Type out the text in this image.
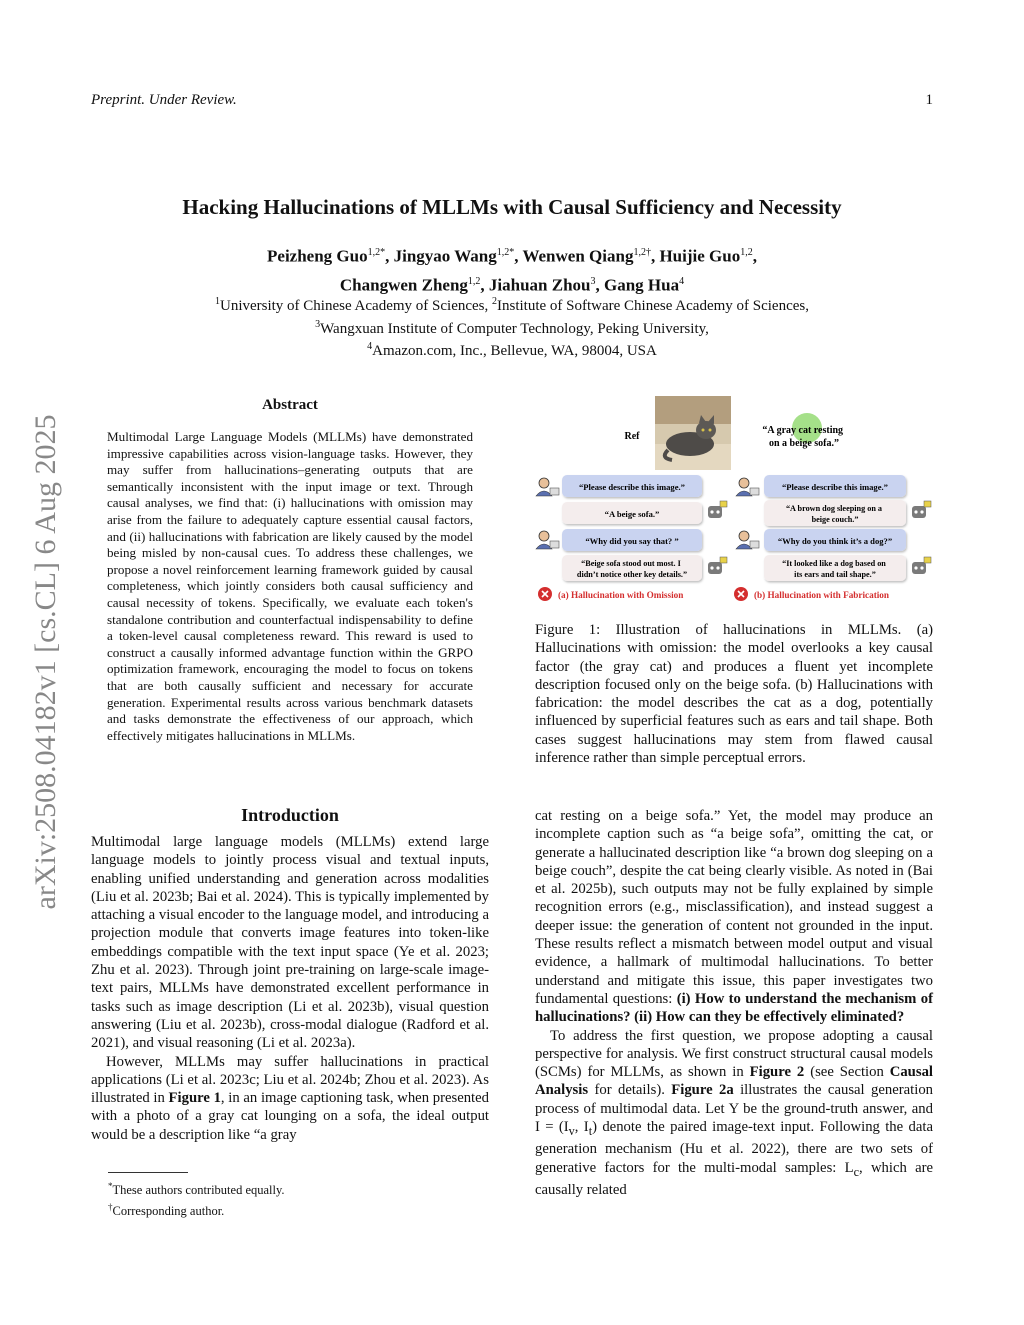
Preprint. Under Review.	1
arXiv:2508.04182v1 [cs.CL] 6 Aug 2025
Hacking Hallucinations of MLLMs with Causal Sufficiency and Necessity
Peizheng Guo$^{1,2*}$, Jingyao Wang$^{1,2*}$, Wenwen Qiang$^{1,2\dagger}$, Huijie Guo$^{1,2}$,
Changwen Zheng$^{1,2}$, Jiahuan Zhou$^3$, Gang Hua$^4$
$^1$University of Chinese Academy of Sciences, $^2$Institute of Software Chinese Academy of Sciences,
$^3$Wangxuan Institute of Computer Technology, Peking University,
$^4$Amazon.com, Inc., Bellevue, WA, 98004, USA
Abstract

Multimodal Large Language Models (MLLMs) have demonstrated impressive capabilities across vision-language tasks. However, they may suffer from hallucinations–generating outputs that are semantically inconsistent with the input image or text. Through causal analyses, we find that: (i) hallucinations with omission may arise from the failure to adequately capture essential causal factors, and (ii) hallucinations with fabrication are likely caused by the model being misled by non-causal cues. To address these challenges, we propose a novel reinforcement learning framework guided by causal completeness, which jointly considers both causal sufficiency and causal necessity of tokens. Specifically, we evaluate each token's standalone contribution and counterfactual indispensability to define a token-level causal completeness reward. This reward is used to construct a causally informed advantage function within the GRPO optimization framework, encouraging the model to focus on tokens that are both causally sufficient and necessary for accurate generation. Experimental results across various benchmark datasets and tasks demonstrate the effectiveness of our approach, which effectively mitigates hallucinations in MLLMs.

Ref
“A gray cat resting on a beige sofa.”
“Please describe this image.”
“A beige sofa.”
“Why did you say that? ”
“Beige sofa stood out most. I didn’t notice other key details.”
(a) Hallucination with Omission
“Please describe this image.”
“A brown dog sleeping on a beige couch.”
“Why do you think it’s a dog?”
“It looked like a dog based on its ears and tail shape.”
(b) Hallucination with Fabrication

Figure 1: Illustration of hallucinations in MLLMs. (a) Hallucinations with omission: the model overlooks a key causal factor (the gray cat) and produces a fluent yet incomplete description focused only on the beige sofa. (b) Hallucinations with fabrication: the model describes the cat as a dog, potentially influenced by superficial features such as ears and tail shape. Both cases suggest hallucinations may stem from flawed causal inference rather than simple perceptual errors.

Introduction

Multimodal large language models (MLLMs) extend large language models to jointly process visual and textual inputs, enabling unified understanding and generation across modalities (Liu et al. 2023b; Bai et al. 2024). This is typically implemented by attaching a visual encoder to the language model, and introducing a projection module that converts image features into token-like embeddings compatible with the text input space (Ye et al. 2023; Zhu et al. 2023). Through joint pre-training on large-scale image-text pairs, MLLMs have demonstrated excellent performance in tasks such as image description (Li et al. 2023b), visual question answering (Liu et al. 2023b), cross-modal dialogue (Radford et al. 2021), and visual reasoning (Li et al. 2023a).

However, MLLMs may suffer hallucinations in practical applications (Li et al. 2023c; Liu et al. 2024b; Zhou et al. 2023). As illustrated in Figure 1, in an image captioning task, when presented with a photo of a gray cat lounging on a sofa, the ideal output would be a description like “a gray

cat resting on a beige sofa.” Yet, the model may produce an incomplete caption such as “a beige sofa”, omitting the cat, or generate a hallucinated description like “a brown dog sleeping on a beige couch”, despite the cat being clearly visible. As noted in (Bai et al. 2025b), such outputs may not be fully explained by simple recognition errors (e.g., misclassification), and instead suggest a deeper issue: the generation of content not grounded in the input. These results reflect a mismatch between model output and visual evidence, a hallmark of multimodal hallucinations. To better understand and mitigate this issue, this paper investigates two fundamental questions: (i) How to understand the mechanism of hallucinations? (ii) How can they be effectively eliminated?

To address the first question, we propose adopting a causal perspective for analysis. We first construct structural causal models (SCMs) for MLLMs, as shown in Figure 2 (see Section Causal Analysis for details). Figure 2a illustrates the causal generation process of multimodal data. Let Y be the ground-truth answer, and $I = (I_v$, $I_t$) denote the paired image-text input. Following the data generation mechanism (Hu et al. 2022), there are two sets of generative factors for the multi-modal samples: $L_c$, which are causally related

*These authors contributed equally.
†Corresponding author.
